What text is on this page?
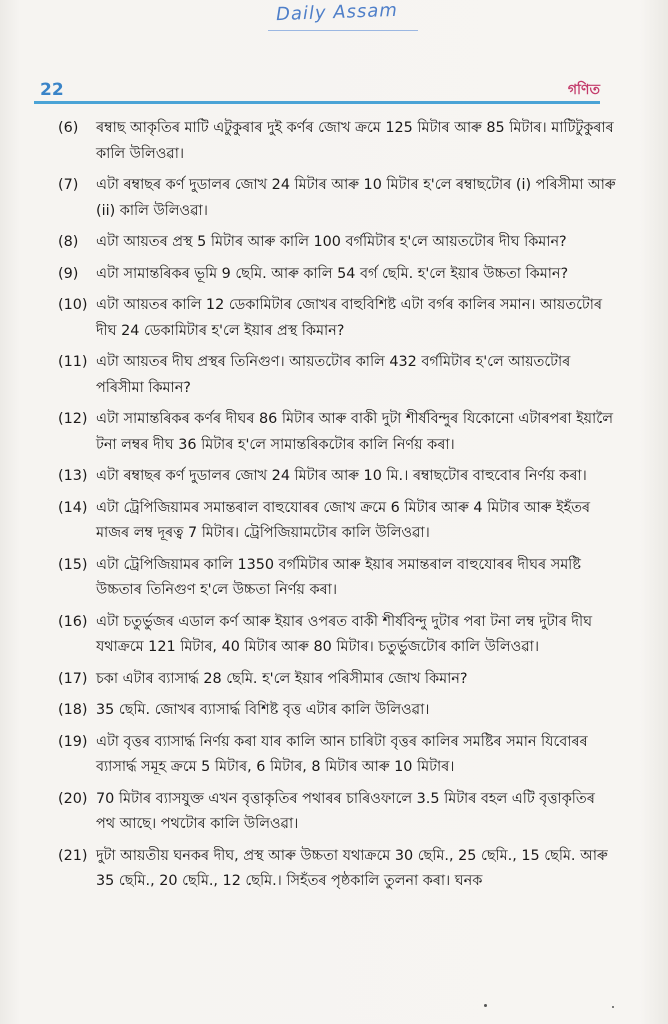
Daily Assam
22	গণিত
(6)	ৰম্বাছ আকৃতিৰ মাটি এটুকুৰাৰ দুই কৰ্ণৰ জোখ ক্ৰমে 125 মিটাৰ আৰু 85 মিটাৰ। মাটিটুকুৰাৰ কালি উলিওৱা।
(7)	এটা ৰম্বাছৰ কৰ্ণ দুডালৰ জোখ 24 মিটাৰ আৰু 10 মিটাৰ হ'লে ৰম্বাছটোৰ (i) পৰিসীমা আৰু (ii) কালি উলিওৱা।
(8)	এটা আয়তৰ প্ৰস্থ 5 মিটাৰ আৰু কালি 100 বৰ্গমিটাৰ হ'লে আয়তটোৰ দীঘ কিমান?
(9)	এটা সামান্তৰিকৰ ভূমি 9 ছেমি. আৰু কালি 54 বৰ্গ ছেমি. হ'লে ইয়াৰ উচ্চতা কিমান?
(10) এটা আয়তৰ কালি 12 ডেকামিটাৰ জোখৰ বাহুবিশিষ্ট এটা বৰ্গৰ কালিৰ সমান। আয়তটোৰ দীঘ 24 ডেকামিটাৰ হ'লে ইয়াৰ প্ৰস্থ কিমান?
(11) এটা আয়তৰ দীঘ প্ৰস্থৰ তিনিগুণ। আয়তটোৰ কালি 432 বৰ্গমিটাৰ হ'লে আয়তটোৰ পৰিসীমা কিমান?
(12) এটা সামান্তৰিকৰ কৰ্ণৰ দীঘৰ 86 মিটাৰ আৰু বাকী দুটা শীৰ্ষবিন্দুৰ যিকোনো এটাৰপৰা ইয়ালৈ টনা লম্বৰ দীঘ 36 মিটাৰ হ'লে সামান্তৰিকটোৰ কালি নিৰ্ণয় কৰা।
(13) এটা ৰম্বাছৰ কৰ্ণ দুডালৰ জোখ 24 মিটাৰ আৰু 10 মি.। ৰম্বাছটোৰ বাহুবোৰ নিৰ্ণয় কৰা।
(14) এটা ট্ৰেপিজিয়ামৰ সমান্তৰাল বাহুযোৰৰ জোখ ক্ৰমে 6 মিটাৰ আৰু 4 মিটাৰ আৰু ইহঁতৰ মাজৰ লম্ব দূৰত্ব 7 মিটাৰ। ট্ৰেপিজিয়ামটোৰ কালি উলিওৱা।
(15) এটা ট্ৰেপিজিয়ামৰ কালি 1350 বৰ্গমিটাৰ আৰু ইয়াৰ সমান্তৰাল বাহুযোৰৰ দীঘৰ সমষ্টি উচ্চতাৰ তিনিগুণ হ'লে উচ্চতা নিৰ্ণয় কৰা।
(16) এটা চতুৰ্ভুজৰ এডাল কৰ্ণ আৰু ইয়াৰ ওপৰত বাকী শীৰ্ষবিন্দু দুটাৰ পৰা টনা লম্ব দুটাৰ দীঘ যথাক্ৰমে 121 মিটাৰ, 40 মিটাৰ আৰু 80 মিটাৰ। চতুৰ্ভুজটোৰ কালি উলিওৱা।
(17) চকা এটাৰ ব্যাসাৰ্দ্ধ 28 ছেমি. হ'লে ইয়াৰ পৰিসীমাৰ জোখ কিমান?
(18) 35 ছেমি. জোখৰ ব্যাসাৰ্দ্ধ বিশিষ্ট বৃত্ত এটাৰ কালি উলিওৱা।
(19) এটা বৃত্তৰ ব্যাসাৰ্দ্ধ নিৰ্ণয় কৰা যাৰ কালি আন চাৰিটা বৃত্তৰ কালিৰ সমষ্টিৰ সমান যিবোৰৰ ব্যাসাৰ্দ্ধ সমূহ ক্ৰমে 5 মিটাৰ, 6 মিটাৰ, 8 মিটাৰ আৰু 10 মিটাৰ।
(20) 70 মিটাৰ ব্যাসযুক্ত এখন বৃত্তাকৃতিৰ পথাৰৰ চাৰিওফালে 3.5 মিটাৰ বহল এটি বৃত্তাকৃতিৰ পথ আছে। পথটোৰ কালি উলিওৱা।
(21) দুটা আয়তীয় ঘনকৰ দীঘ, প্ৰস্থ আৰু উচ্চতা যথাক্ৰমে 30 ছেমি., 25 ছেমি., 15 ছেমি. আৰু 35 ছেমি., 20 ছেমি., 12 ছেমি.। সিহঁতৰ পৃষ্ঠকালি তুলনা কৰা। ঘনক
